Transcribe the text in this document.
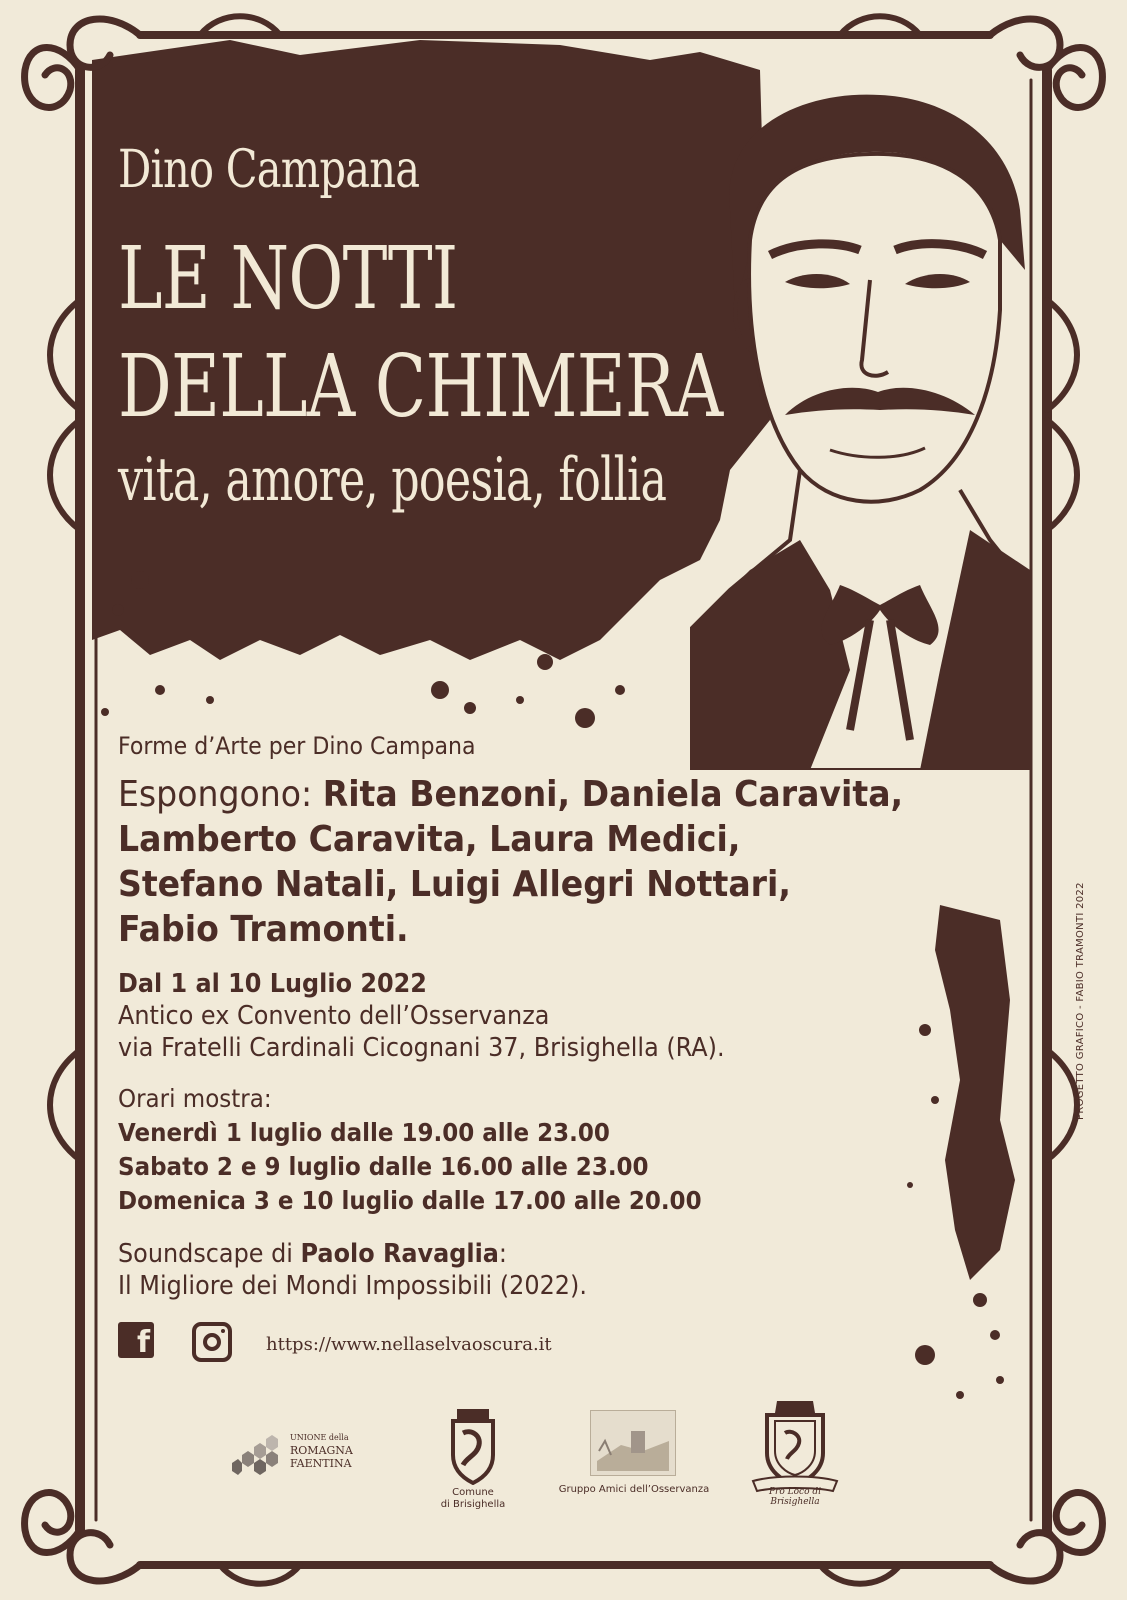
Dino Campana
LE NOTTI
DELLA CHIMERA
vita, amore, poesia, follia
PROGETTO GRAFICO - FABIO TRAMONTI 2022
Forme d’Arte per Dino Campana
Espongono: Rita Benzoni, Daniela Caravita,
Lamberto Caravita, Laura Medici,
Stefano Natali, Luigi Allegri Nottari,
Fabio Tramonti.
Dal 1 al 10 Luglio 2022
Antico ex Convento dell’Osservanza
via Fratelli Cardinali Cicognani 37, Brisighella (RA).
Orari mostra:
Venerdì 1 luglio dalle 19.00 alle 23.00
Sabato 2 e 9 luglio dalle 16.00 alle 23.00
Domenica 3 e 10 luglio dalle 17.00 alle 20.00
Soundscape di Paolo Ravaglia:
Il Migliore dei Mondi Impossibili (2022).
f	https://www.nellaselvaoscura.it
UNIONE della
ROMAGNA
FAENTINA
Comune
di Brisighella
Gruppo Amici dell’Osservanza	Pro Loco di Brisighella
